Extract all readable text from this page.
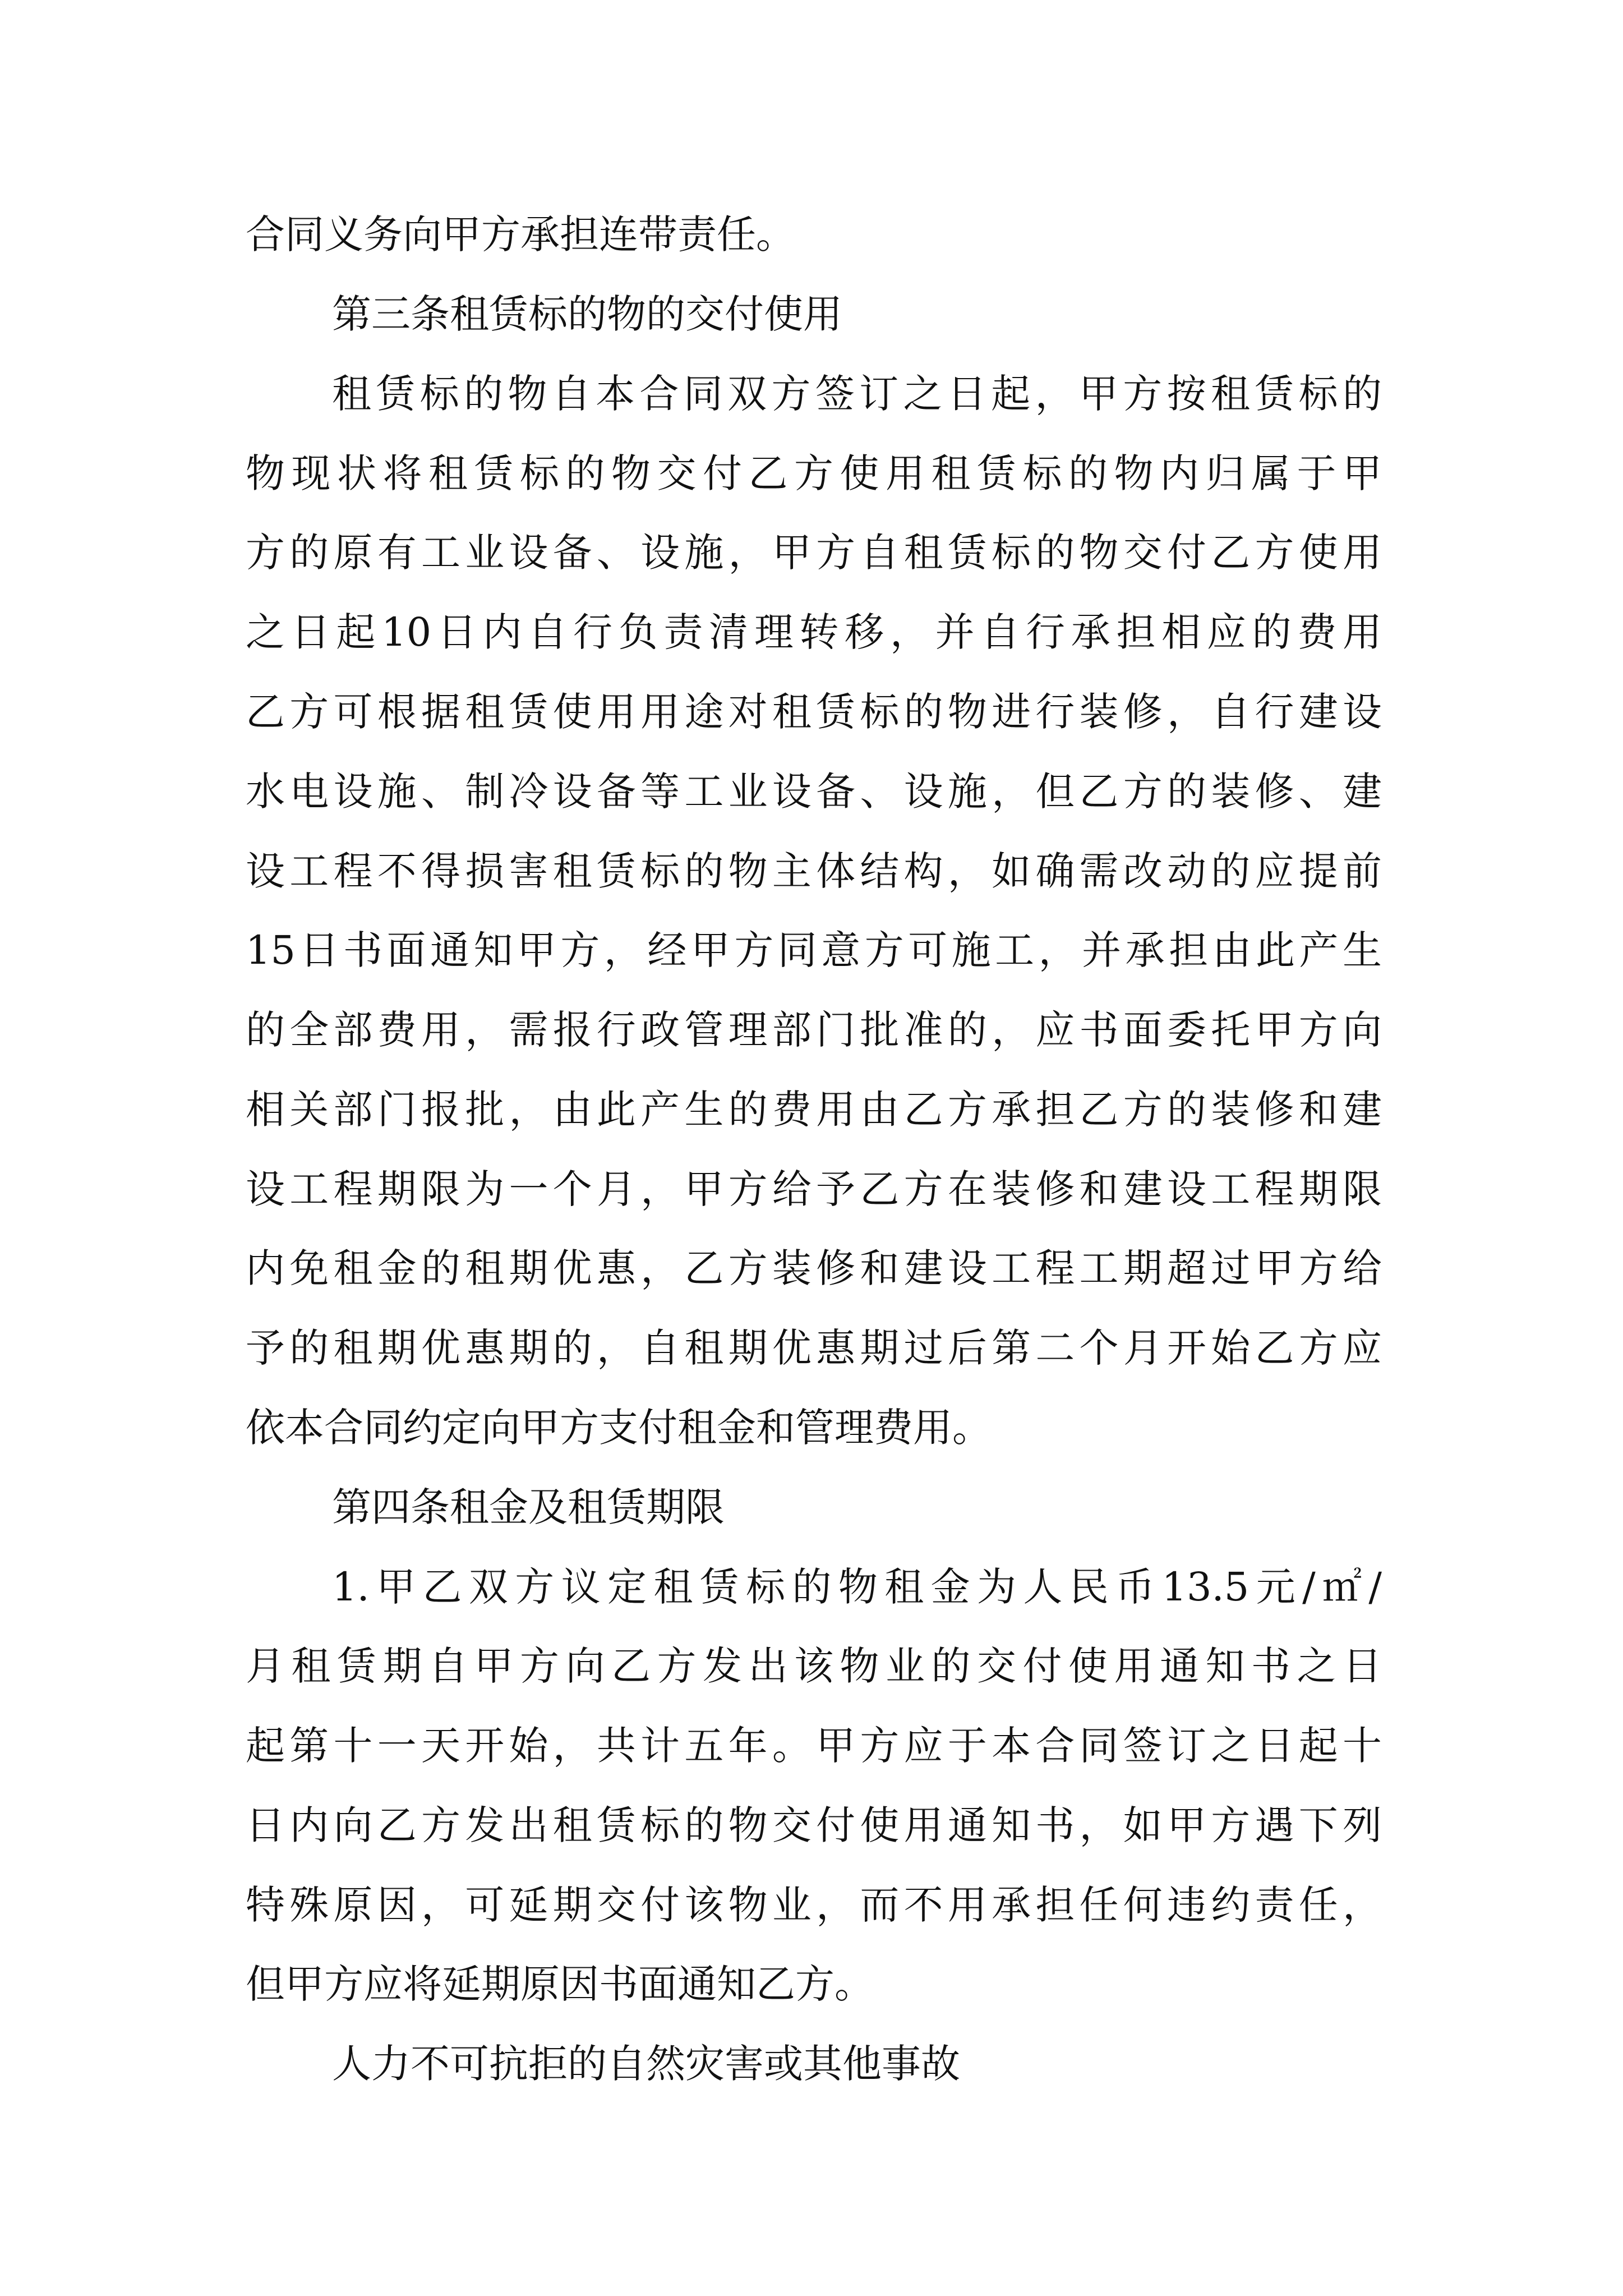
合同义务向甲方承担连带责任。

第三条租赁标的物的交付使用

租赁标的物自本合同双方签订之日起，甲方按租赁标的

物现状将租赁标的物交付乙方使用租赁标的物内归属于甲

方的原有工业设备、设施，甲方自租赁标的物交付乙方使用

之日起10日内自行负责清理转移，并自行承担相应的费用

乙方可根据租赁使用用途对租赁标的物进行装修，自行建设

水电设施、制冷设备等工业设备、设施，但乙方的装修、建

设工程不得损害租赁标的物主体结构，如确需改动的应提前

15日书面通知甲方，经甲方同意方可施工，并承担由此产生

的全部费用，需报行政管理部门批准的，应书面委托甲方向

相关部门报批，由此产生的费用由乙方承担乙方的装修和建

设工程期限为一个月，甲方给予乙方在装修和建设工程期限

内免租金的租期优惠，乙方装修和建设工程工期超过甲方给

予的租期优惠期的，自租期优惠期过后第二个月开始乙方应

依本合同约定向甲方支付租金和管理费用。

第四条租金及租赁期限

1.甲乙双方议定租赁标的物租金为人民币13.5元/㎡/

月租赁期自甲方向乙方发出该物业的交付使用通知书之日

起第十一天开始，共计五年。甲方应于本合同签订之日起十

日内向乙方发出租赁标的物交付使用通知书，如甲方遇下列

特殊原因，可延期交付该物业，而不用承担任何违约责任，

但甲方应将延期原因书面通知乙方。

人力不可抗拒的自然灾害或其他事故
